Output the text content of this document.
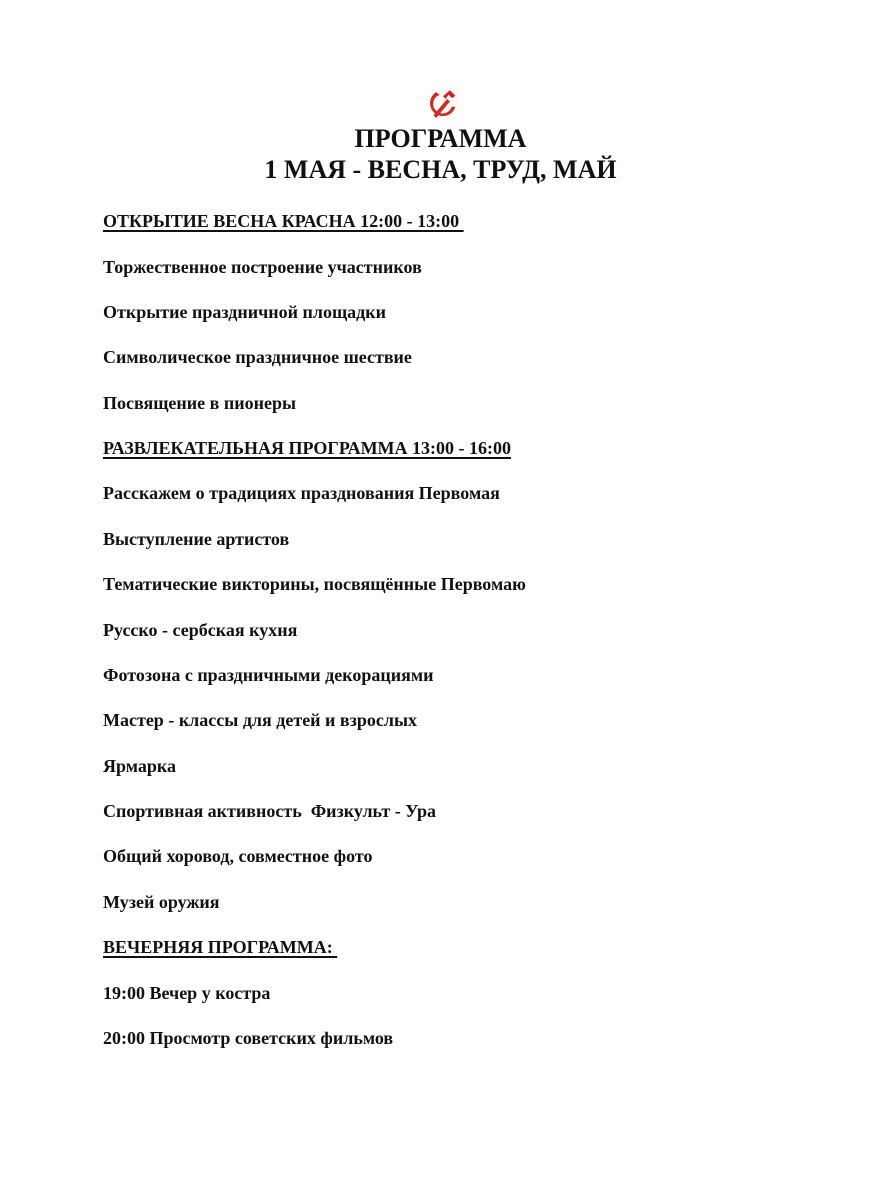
ПРОГРАММА
1 МАЯ - ВЕСНА, ТРУД, МАЙ

ОТКРЫТИЕ ВЕСНА КРАСНА 12:00 - 13:00

Торжественное построение участников

Открытие праздничной площадки

Символическое праздничное шествие

Посвящение в пионеры

РАЗВЛЕКАТЕЛЬНАЯ ПРОГРАММА 13:00 - 16:00

Расскажем о традициях празднования Первомая

Выступление артистов

Тематические викторины, посвящённые Первомаю

Русско - сербская кухня

Фотозона с праздничными декорациями

Мастер - классы для детей и взрослых

Ярмарка

Спортивная активность  Физкульт - Ура

Общий хоровод, совместное фото

Музей оружия

ВЕЧЕРНЯЯ ПРОГРАММА:

19:00 Вечер у костра

20:00 Просмотр советских фильмов
